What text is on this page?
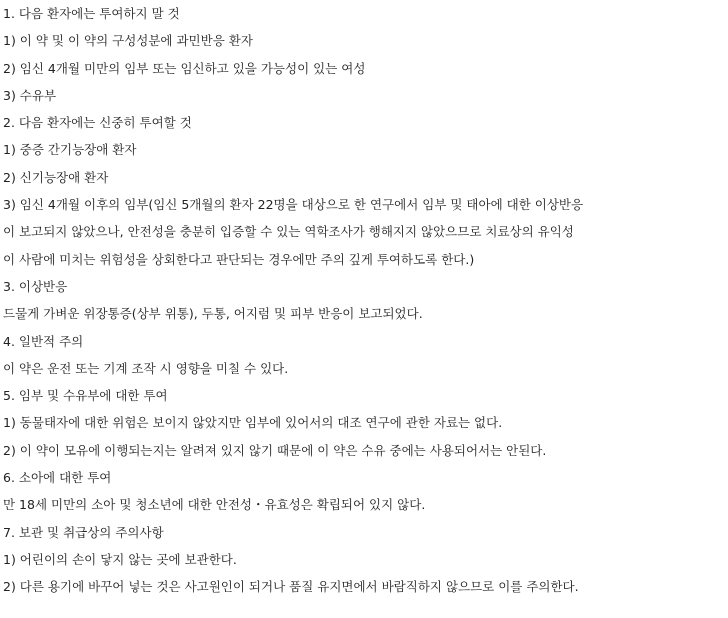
1. 다음 환자에는 투여하지 말 것
1) 이 약 및 이 약의 구성성분에 과민반응 환자
2) 임신 4개월 미만의 임부 또는 임신하고 있을 가능성이 있는 여성
3) 수유부
2. 다음 환자에는 신중히 투여할 것
1) 중증 간기능장애 환자
2) 신기능장애 환자
3) 임신 4개월 이후의 임부(임신 5개월의 환자 22명을 대상으로 한 연구에서 임부 및 태아에 대한 이상반응
이 보고되지 않았으나, 안전성을 충분히 입증할 수 있는 역학조사가 행해지지 않았으므로 치료상의 유익성
이 사람에 미치는 위험성을 상회한다고 판단되는 경우에만 주의 깊게 투여하도록 한다.)
3. 이상반응
드물게 가벼운 위장통증(상부 위통), 두통, 어지럼 및 피부 반응이 보고되었다.
4. 일반적 주의
이 약은 운전 또는 기계 조작 시 영향을 미칠 수 있다.
5. 임부 및 수유부에 대한 투여
1) 동물태자에 대한 위험은 보이지 않았지만 임부에 있어서의 대조 연구에 관한 자료는 없다.
2) 이 약이 모유에 이행되는지는 알려져 있지 않기 때문에 이 약은 수유 중에는 사용되어서는 안된다.
6. 소아에 대한 투여
만 18세 미만의 소아 및 청소년에 대한 안전성・유효성은 확립되어 있지 않다.
7. 보관 및 취급상의 주의사항
1) 어린이의 손이 닿지 않는 곳에 보관한다.
2) 다른 용기에 바꾸어 넣는 것은 사고원인이 되거나 품질 유지면에서 바람직하지 않으므로 이를 주의한다.
